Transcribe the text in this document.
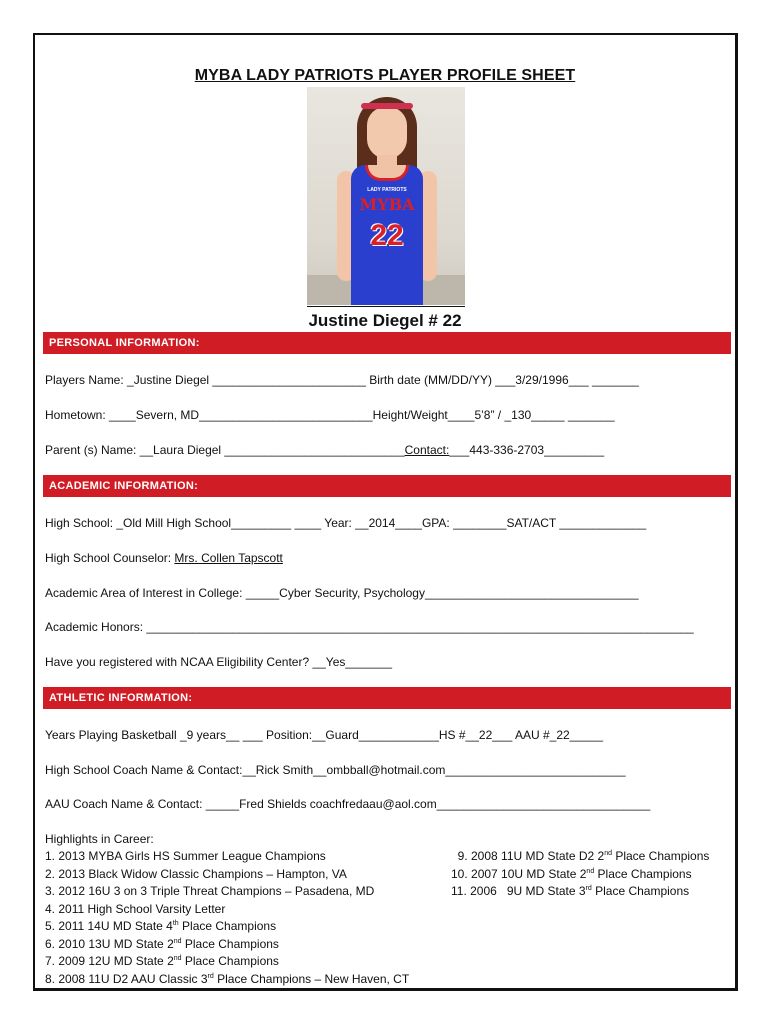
MYBA LADY PATRIOTS PLAYER PROFILE SHEET
LADY PATRIOTS
MYBA
22
Justine Diegel # 22
PERSONAL INFORMATION:
Players Name: _Justine Diegel _______________________ Birth date (MM/DD/YY) ___3/29/1996___ _______
Hometown: ____Severn, MD__________________________Height/Weight____5’8” / _130_____ _______
Parent (s) Name: __Laura Diegel ___________________________Contact:___443-336-2703_________
ACADEMIC INFORMATION:
High School: _Old Mill High School_________ ____ Year: __2014____GPA: ________SAT/ACT _____________
High School Counselor: Mrs. Collen Tapscott
Academic Area of Interest in College: _____Cyber Security, Psychology________________________________
Academic Honors: __________________________________________________________________________________
Have you registered with NCAA Eligibility Center? __Yes_______
ATHLETIC INFORMATION:
Years Playing Basketball _9 years__ ___ Position:__Guard____________HS #__22___ AAU #_22_____
High School Coach Name & Contact:__Rick Smith__ombball@hotmail.com___________________________
AAU Coach Name & Contact: _____Fred Shields coachfredaau@aol.com________________________________
Highlights in Career:
1. 2013 MYBA Girls HS Summer League Champions
2. 2013 Black Widow Classic Champions – Hampton, VA
3. 2012 16U 3 on 3 Triple Threat Champions – Pasadena, MD
4. 2011 High School Varsity Letter
5. 2011 14U MD State 4th Place Champions
6. 2010 13U MD State 2nd Place Champions
7. 2009 12U MD State 2nd Place Champions
8. 2008 11U D2 AAU Classic 3rd Place Champions – New Haven, CT
9. 2008 11U MD State D2 2nd Place Champions
10. 2007 10U MD State 2nd Place Champions
11. 2006   9U MD State 3rd Place Champions
